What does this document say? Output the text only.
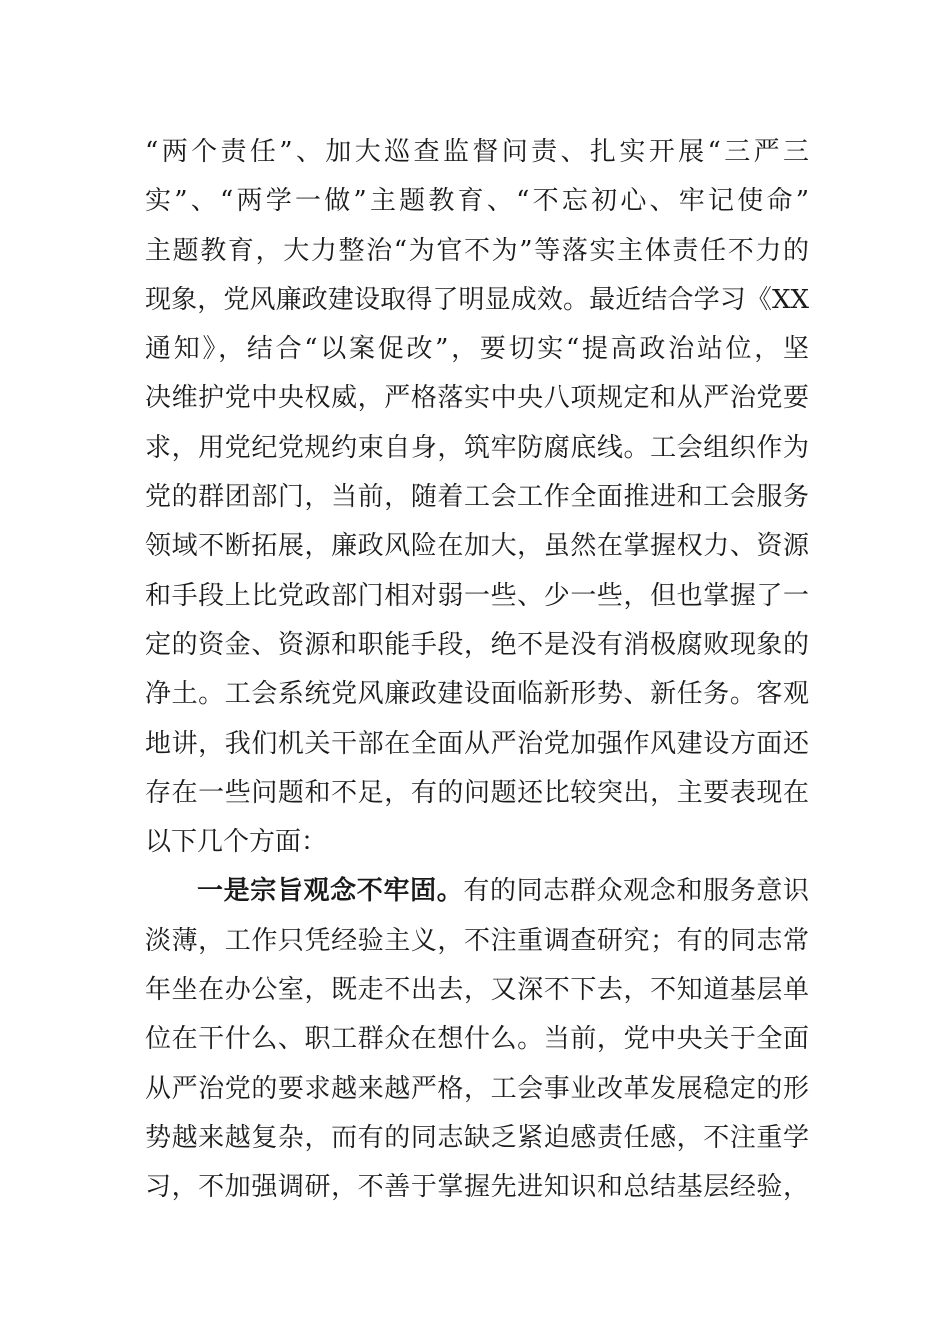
“两个责任”、加大巡查监督问责、扎实开展“三严三
实”、“两学一做”主题教育、“不忘初心、牢记使命”
主题教育，大力整治“为官不为”等落实主体责任不力的
现象，党风廉政建设取得了明显成效。最近结合学习《XX
通知》，结合“以案促改”，要切实“提高政治站位，坚
决维护党中央权威，严格落实中央八项规定和从严治党要
求，用党纪党规约束自身，筑牢防腐底线。工会组织作为
党的群团部门，当前，随着工会工作全面推进和工会服务
领域不断拓展，廉政风险在加大，虽然在掌握权力、资源
和手段上比党政部门相对弱一些、少一些，但也掌握了一
定的资金、资源和职能手段，绝不是没有消极腐败现象的
净土。工会系统党风廉政建设面临新形势、新任务。客观
地讲，我们机关干部在全面从严治党加强作风建设方面还
存在一些问题和不足，有的问题还比较突出，主要表现在
以下几个方面：
一是宗旨观念不牢固。有的同志群众观念和服务意识
淡薄，工作只凭经验主义，不注重调查研究；有的同志常
年坐在办公室，既走不出去，又深不下去，不知道基层单
位在干什么、职工群众在想什么。当前，党中央关于全面
从严治党的要求越来越严格，工会事业改革发展稳定的形
势越来越复杂，而有的同志缺乏紧迫感责任感，不注重学
习，不加强调研，不善于掌握先进知识和总结基层经验，
